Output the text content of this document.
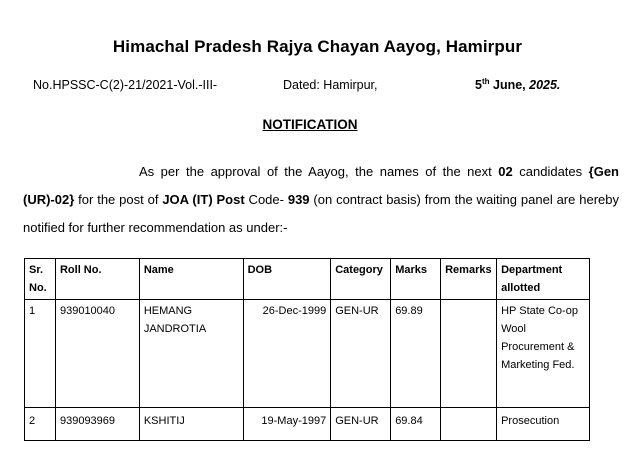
Himachal Pradesh Rajya Chayan Aayog, Hamirpur
No.HPSSC-C(2)-21/2021-Vol.-III-	Dated: Hamirpur,	5th June, 2025.
NOTIFICATION
As per the approval of the Aayog, the names of the next 02 candidates {Gen (UR)-02} for the post of JOA (IT) Post Code- 939 (on contract basis) from the waiting panel are hereby notified for further recommendation as under:-
Sr. No.	Roll No.	Name	DOB	Category	Marks	Remarks	Department allotted
1	939010040	HEMANG JANDROTIA	26-Dec-1999	GEN-UR	69.89		HP State Co-op Wool Procurement & Marketing Fed.
2	939093969	KSHITIJ	19-May-1997	GEN-UR	69.84		Prosecution
